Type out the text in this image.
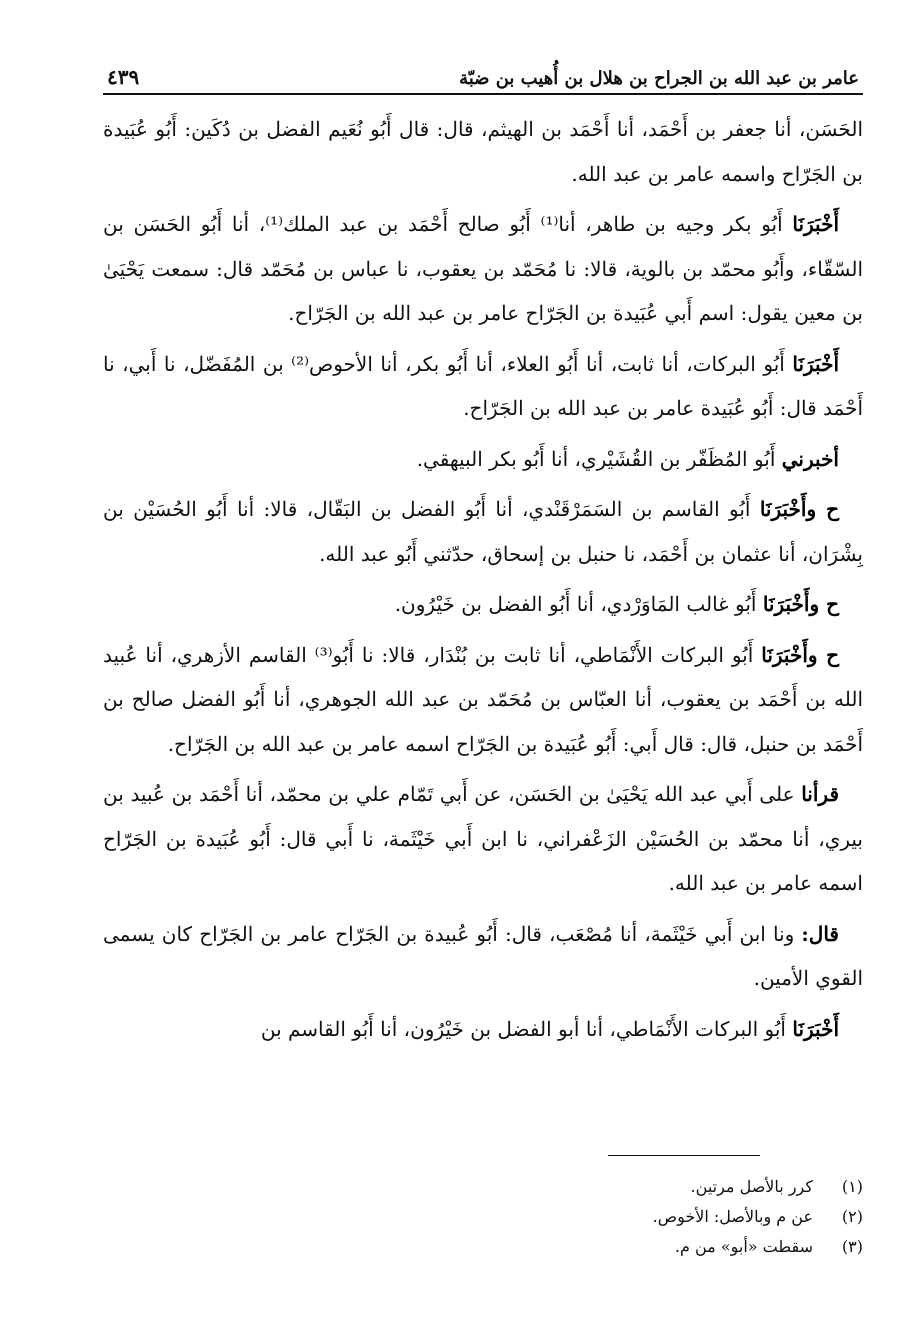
عامر بن عبد الله بن الجراح بن هلال بن أُهيب بن ضبّة
٤٣٩

الحَسَن، أنا جعفر بن أَحْمَد، أنا أَحْمَد بن الهيثم، قال: قال أَبُو نُعَيم الفضل بن دُكَين: أَبُو عُبَيدة بن الجَرّاح واسمه عامر بن عبد الله.

أَخْبَرَنَا أَبُو بكر وجيه بن طاهر، أنا⁽¹⁾ أَبُو صالح أَحْمَد بن عبد الملك⁽¹⁾، أنا أَبُو الحَسَن بن السّقّاء، وأَبُو محمّد بن بالوية، قالا: نا مُحَمّد بن يعقوب، نا عباس بن مُحَمّد قال: سمعت يَحْيَىٰ بن معين يقول: اسم أَبي عُبَيدة بن الجَرّاح عامر بن عبد الله بن الجَرّاح.

أَخْبَرَنَا أَبُو البركات، أنا ثابت، أنا أَبُو العلاء، أنا أَبُو بكر، أنا الأحوص⁽²⁾ بن المُفَضّل، نا أَبي، نا أَحْمَد قال: أَبُو عُبَيدة عامر بن عبد الله بن الجَرّاح.

أخبرني أَبُو المُظَفّر بن القُشَيْري، أنا أَبُو بكر البيهقي.

ح وأَخْبَرَنَا أَبُو القاسم بن السَمَرْقَنْدي، أنا أَبُو الفضل بن البَقّال، قالا: أنا أَبُو الحُسَيْن بن بِشْرَان، أنا عثمان بن أَحْمَد، نا حنبل بن إسحاق، حدّثني أَبُو عبد الله.

ح وأَخْبَرَنَا أَبُو غالب المَاوَرْدي، أنا أَبُو الفضل بن خَيْرُون.

ح وأَخْبَرَنَا أَبُو البركات الأَنْمَاطي، أنا ثابت بن بُنْدَار، قالا: نا أَبُو⁽³⁾ القاسم الأزهري، أنا عُبيد الله بن أَحْمَد بن يعقوب، أنا العبّاس بن مُحَمّد بن عبد الله الجوهري، أنا أَبُو الفضل صالح بن أَحْمَد بن حنبل، قال: قال أَبي: أَبُو عُبَيدة بن الجَرّاح اسمه عامر بن عبد الله بن الجَرّاح.

قرأنا على أَبي عبد الله يَحْيَىٰ بن الحَسَن، عن أَبي تَمّام علي بن محمّد، أنا أَحْمَد بن عُبيد بن بيري، أنا محمّد بن الحُسَيْن الزَعْفراني، نا ابن أَبي خَيْثَمة، نا أَبي قال: أَبُو عُبَيدة بن الجَرّاح اسمه عامر بن عبد الله.

قال: ونا ابن أَبي خَيْثَمة، أنا مُصْعَب، قال: أَبُو عُبيدة بن الجَرّاح عامر بن الجَرّاح كان يسمى القوي الأمين.

أَخْبَرَنَا أَبُو البركات الأَنْمَاطي، أنا أبو الفضل بن خَيْرُون، أنا أَبُو القاسم بن

(١)
كرر بالأصل مرتين.
(٢)
عن م وبالأصل: الأخوص.
(٣)
سقطت «أبو» من م.
